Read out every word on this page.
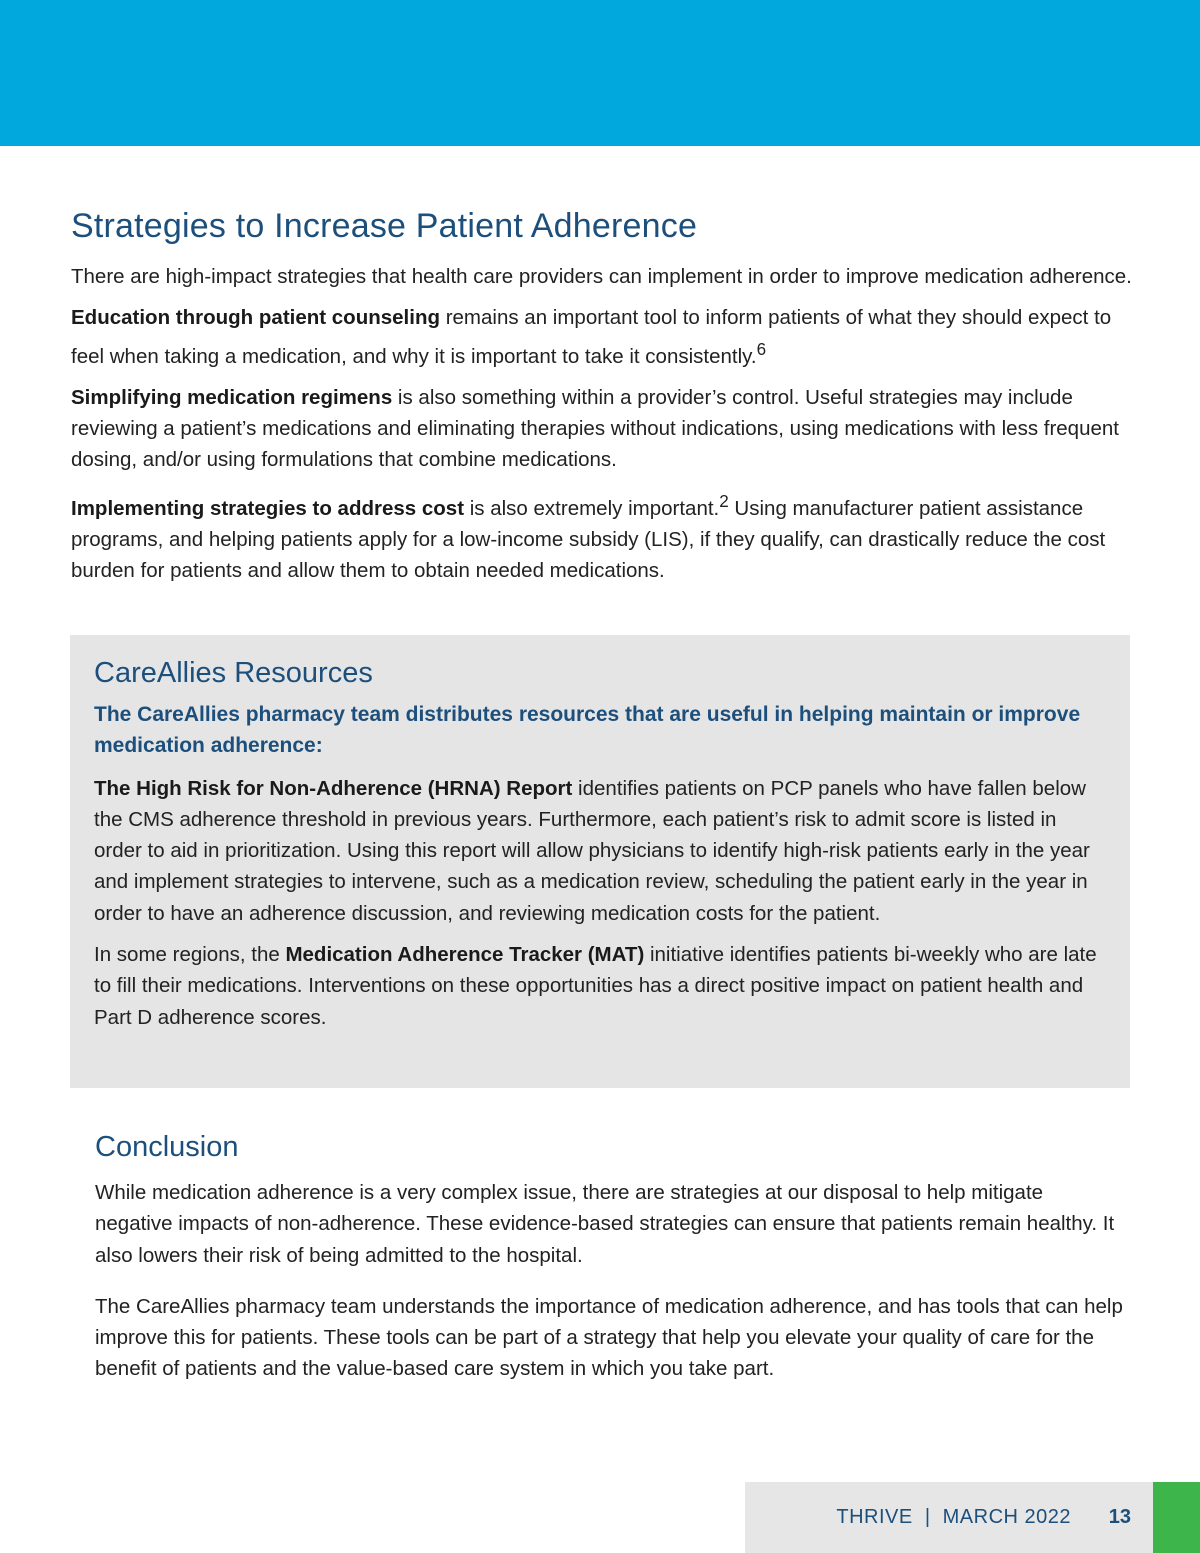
Strategies to Increase Patient Adherence

There are high-impact strategies that health care providers can implement in order to improve medication adherence.

Education through patient counseling remains an important tool to inform patients of what they should expect to feel when taking a medication, and why it is important to take it consistently.$^6$

Simplifying medication regimens is also something within a provider’s control. Useful strategies may include reviewing a patient’s medications and eliminating therapies without indications, using medications with less frequent dosing, and/or using formulations that combine medications.

Implementing strategies to address cost is also extremely important.$^2$ Using manufacturer patient assistance programs, and helping patients apply for a low-income subsidy (LIS), if they qualify, can drastically reduce the cost burden for patients and allow them to obtain needed medications.

CareAllies Resources

The CareAllies pharmacy team distributes resources that are useful in helping maintain or improve medication adherence:

The High Risk for Non-Adherence (HRNA) Report identifies patients on PCP panels who have fallen below the CMS adherence threshold in previous years. Furthermore, each patient’s risk to admit score is listed in order to aid in prioritization. Using this report will allow physicians to identify high-risk patients early in the year and implement strategies to intervene, such as a medication review, scheduling the patient early in the year in order to have an adherence discussion, and reviewing medication costs for the patient.

In some regions, the Medication Adherence Tracker (MAT) initiative identifies patients bi-weekly who are late to fill their medications. Interventions on these opportunities has a direct positive impact on patient health and Part D adherence scores.

Conclusion

While medication adherence is a very complex issue, there are strategies at our disposal to help mitigate negative impacts of non-adherence. These evidence-based strategies can ensure that patients remain healthy. It also lowers their risk of being admitted to the hospital.

The CareAllies pharmacy team understands the importance of medication adherence, and has tools that can help improve this for patients. These tools can be part of a strategy that help you elevate your quality of care for the benefit of patients and the value-based care system in which you take part.

THRIVE  |  MARCH 2022 13
